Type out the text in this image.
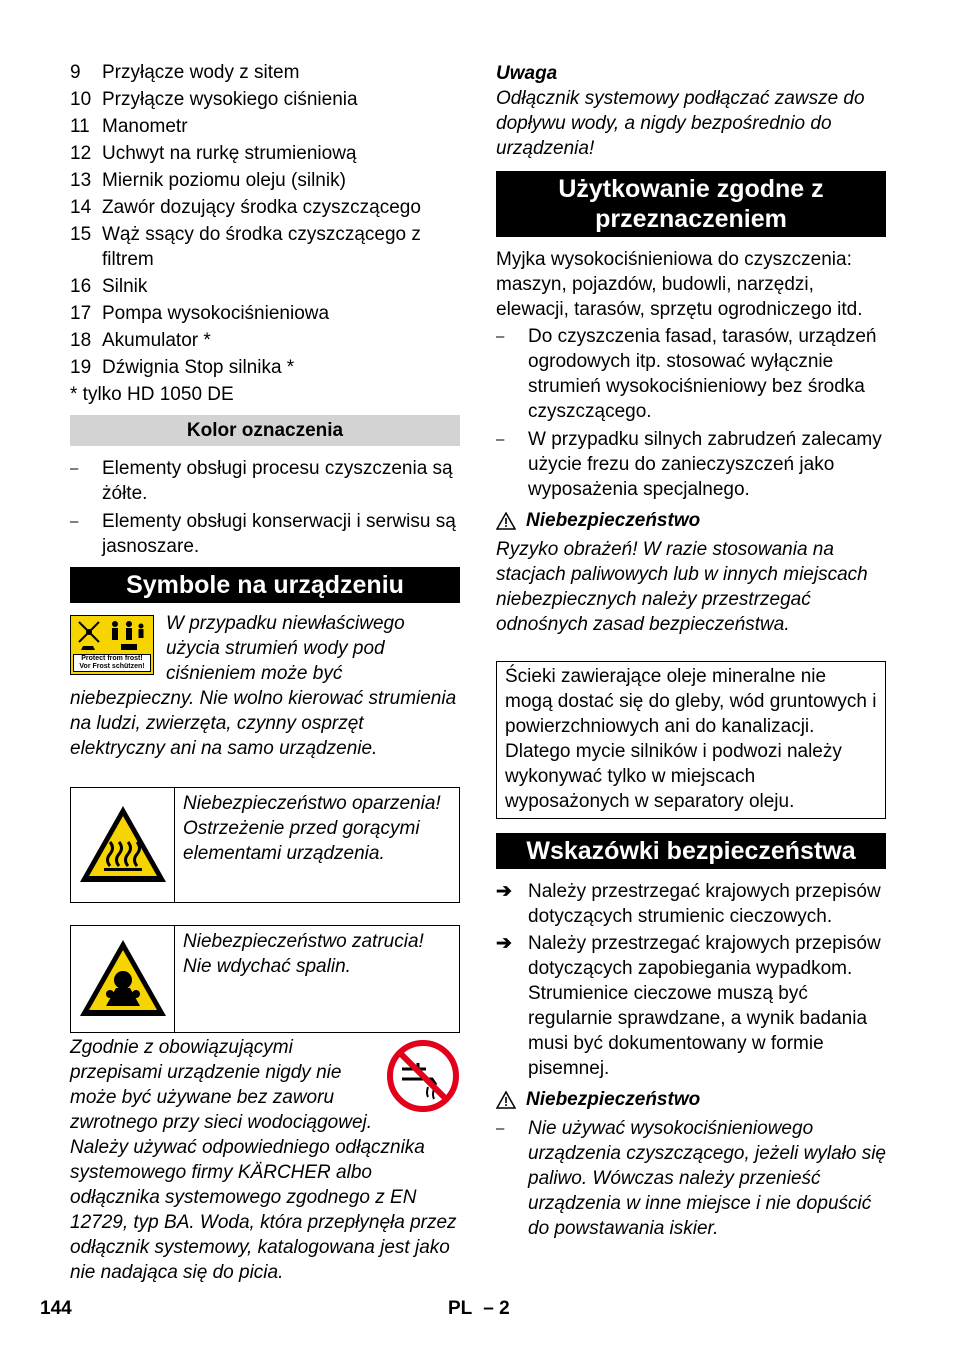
9	Przyłącze wody z sitem
10 Przyłącze wysokiego ciśnienia
11 Manometr
12 Uchwyt na rurkę strumieniową
13 Miernik poziomu oleju (silnik)
14 Zawór dozujący środka czyszczącego
15 Wąż ssący do środka czyszczącego z filtrem
16 Silnik
17 Pompa wysokociśnieniowa
18 Akumulator *
19 Dźwignia Stop silnika *

* tylko HD 1050 DE

Kolor oznaczenia
–	Elementy obsługi procesu czyszczenia są żółte.
–	Elementy obsługi konserwacji i serwisu są jasnoszare.
Symbole na urządzeniu
Protect from frost!
Vor Frost schützen!
W przypadku niewłaściwego użycia strumień wody pod ciśnieniem może być niebezpieczny. Nie wolno kierować strumienia na ludzi, zwierzęta, czynny osprzęt elektryczny ani na samo urządzenie.
Niebezpieczeństwo oparzenia! Ostrzeżenie przed gorącymi elementami urządzenia.
Niebezpieczeństwo zatrucia! Nie wdychać spalin.
Zgodnie z obowiązującymi przepisami urządzenie nigdy nie może być używane bez zaworu zwrotnego przy sieci wodociągowej. Należy używać odpowiedniego odłącznika systemowego firmy KÄRCHER albo odłącznika systemowego zgodnego z EN 12729, typ BA. Woda, która przepłynęła przez odłącznik systemowy, katalogowana jest jako nie nadająca się do picia.
Uwaga
Odłącznik systemowy podłączać zawsze do dopływu wody, a nigdy bezpośrednio do urządzenia!
Użytkowanie zgodne z przeznaczeniem

Myjka wysokociśnieniowa do czyszczenia: maszyn, pojazdów, budowli, narzędzi, elewacji, tarasów, sprzętu ogrodniczego itd.

–	Do czyszczenia fasad, tarasów, urządzeń ogrodowych itp. stosować wyłącznie strumień wysokociśnieniowy bez środka czyszczącego.
–	W przypadku silnych zabrudzeń zalecamy użycie frezu do zanieczyszczeń jako wyposażenia specjalnego.
Niebezpieczeństwo
Ryzyko obrażeń! W razie stosowania na stacjach paliwowych lub w innych miejscach niebezpiecznych należy przestrzegać odnośnych zasad bezpieczeństwa.
Ścieki zawierające oleje mineralne nie mogą dostać się do gleby, wód gruntowych i powierzchniowych ani do kanalizacji. Dlatego mycie silników i podwozi należy wykonywać tylko w miejscach wyposażonych w separatory oleju.
Wskazówki bezpieczeństwa
➔ Należy przestrzegać krajowych przepisów dotyczących strumienic cieczowych.
➔ Należy przestrzegać krajowych przepisów dotyczących zapobiegania wypadkom. Strumienice cieczowe muszą być regularnie sprawdzane, a wynik badania musi być dokumentowany w formie pisemnej.
Niebezpieczeństwo
–	Nie używać wysokociśnieniowego urządzenia czyszczącego, jeżeli wylało się paliwo. Wówczas należy przenieść urządzenia w inne miejsce i nie dopuścić do powstawania iskier.
144	PL – 2
